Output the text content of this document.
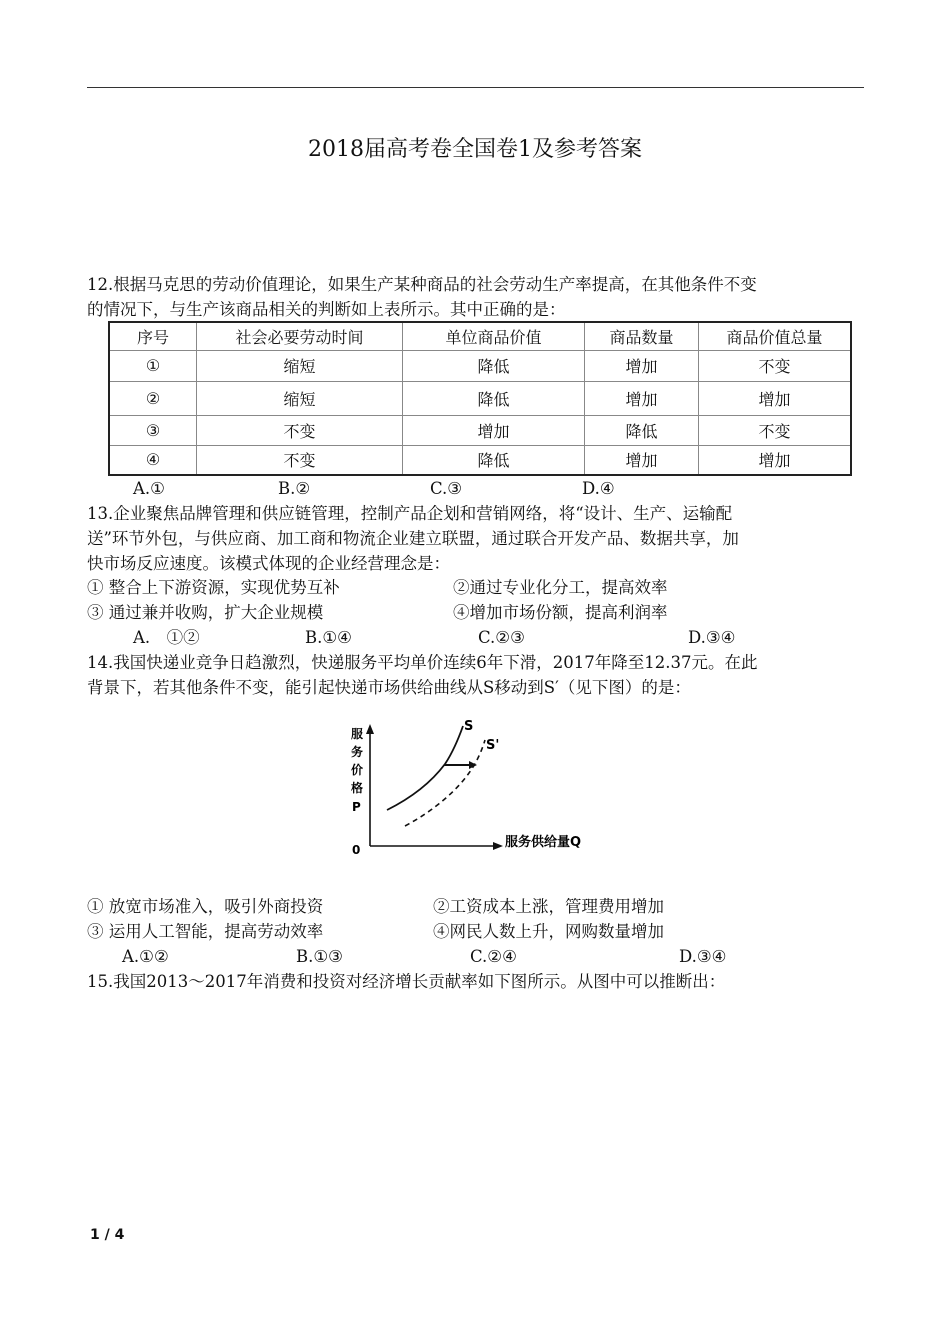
2018届高考卷全国卷1及参考答案
12.根据马克思的劳动价值理论，如果生产某种商品的社会劳动生产率提高，在其他条件不变
的情况下，与生产该商品相关的判断如上表所示。其中正确的是：
序号	社会必要劳动时间	单位商品价值	商品数量	商品价值总量
①	缩短	降低	增加	不变
②	缩短	降低	增加	增加
③	不变	增加	降低	不变
④	不变	降低	增加	增加
A.①	B.②	C.③	D.④
13.企业聚焦品牌管理和供应链管理，控制产品企划和营销网络，将“设计、生产、运输配
送”环节外包，与供应商、加工商和物流企业建立联盟，通过联合开发产品、数据共享，加
快市场反应速度。该模式体现的企业经营理念是：
① 整合上下游资源，实现优势互补	②通过专业化分工，提高效率
③ 通过兼并收购，扩大企业规模	④增加市场份额，提高利润率
A.　①②	B.①④	C.②③	D.③④
14.我国快递业竞争日趋激烈，快递服务平均单价连续6年下滑，2017年降至12.37元。在此
背景下，若其他条件不变，能引起快递市场供给曲线从S移动到S′（见下图）的是：
服
务
价
格
P
0	服务供给量Q
S
S'
① 放宽市场准入，吸引外商投资	②工资成本上涨，管理费用增加
③ 运用人工智能，提高劳动效率	④网民人数上升，网购数量增加
A.①②	B.①③	C.②④	D.③④
15.我国2013～2017年消费和投资对经济增长贡献率如下图所示。从图中可以推断出：
1 / 4
